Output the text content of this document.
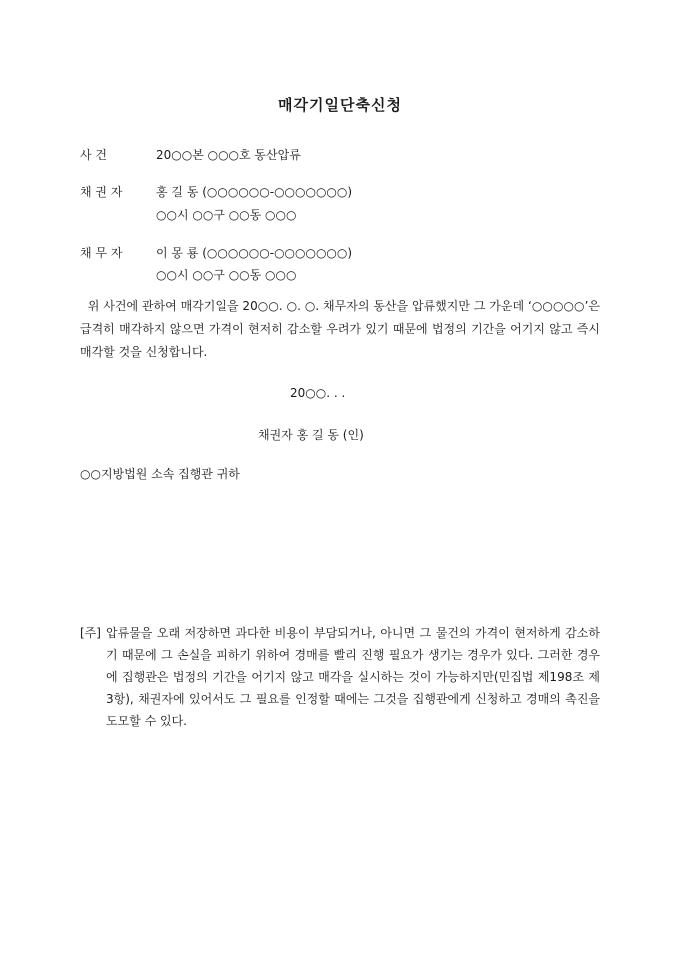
매각기일단축신청
사 건	20○○본 ○○○호 동산압류
채 권 자	홍 길 동 (○○○○○○-○○○○○○○)
○○시 ○○구 ○○동 ○○○
채 무 자	이 몽 룡 (○○○○○○-○○○○○○○)
○○시 ○○구 ○○동 ○○○
위 사건에 관하여 매각기일을 20○○. ○. ○. 채무자의 동산을 압류했지만 그 가운데 ‘○○○○○’은 급격히 매각하지 않으면 가격이 현저히 감소할 우려가 있기 때문에 법정의 기간을 어기지 않고 즉시 매각할 것을 신청합니다.
20○○. . .
채권자 홍 길 동 (인)
○○지방법원 소속 집행관 귀하
[주] 압류물을 오래 저장하면 과다한 비용이 부담되거나, 아니면 그 물건의 가격이 현저하게 감소하기 때문에 그 손실을 피하기 위하여 경매를 빨리 진행 필요가 생기는 경우가 있다. 그러한 경우에 집행관은 법정의 기간을 어기지 않고 매각을 실시하는 것이 가능하지만(민집법 제198조 제3항), 채권자에 있어서도 그 필요를 인정할 때에는 그것을 집행관에게 신청하고 경매의 촉진을 도모할 수 있다.
